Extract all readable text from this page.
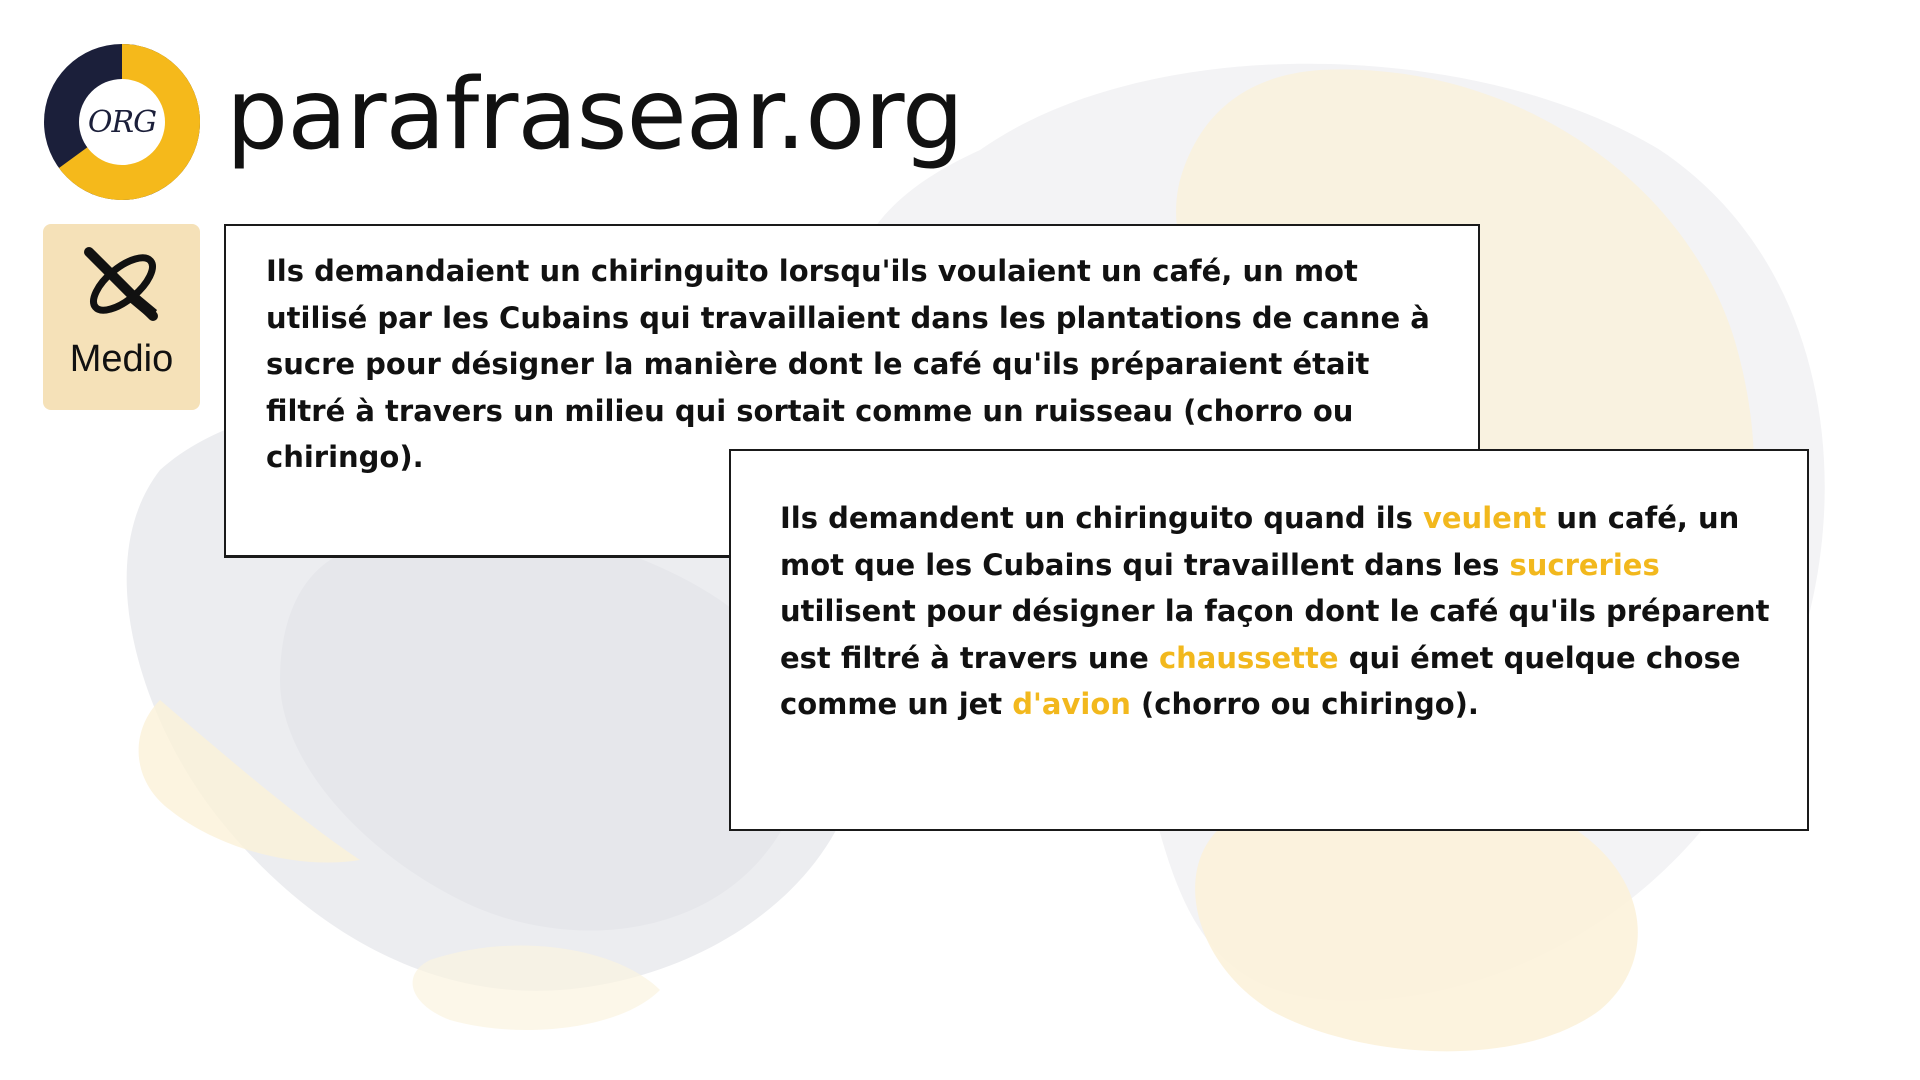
ORG parafrasear.org
Medio
Ils demandaient un chiringuito lorsqu'ils voulaient un café, un mot utilisé par les Cubains qui travaillaient dans les plantations de canne à sucre pour désigner la manière dont le café qu'ils préparaient était filtré à travers un milieu qui sortait comme un ruisseau (chorro ou chiringo).
Ils demandent un chiringuito quand ils veulent un café, un mot que les Cubains qui travaillent dans les sucreries utilisent pour désigner la façon dont le café qu'ils préparent est filtré à travers une chaussette qui émet quelque chose comme un jet d'avion (chorro ou chiringo).
